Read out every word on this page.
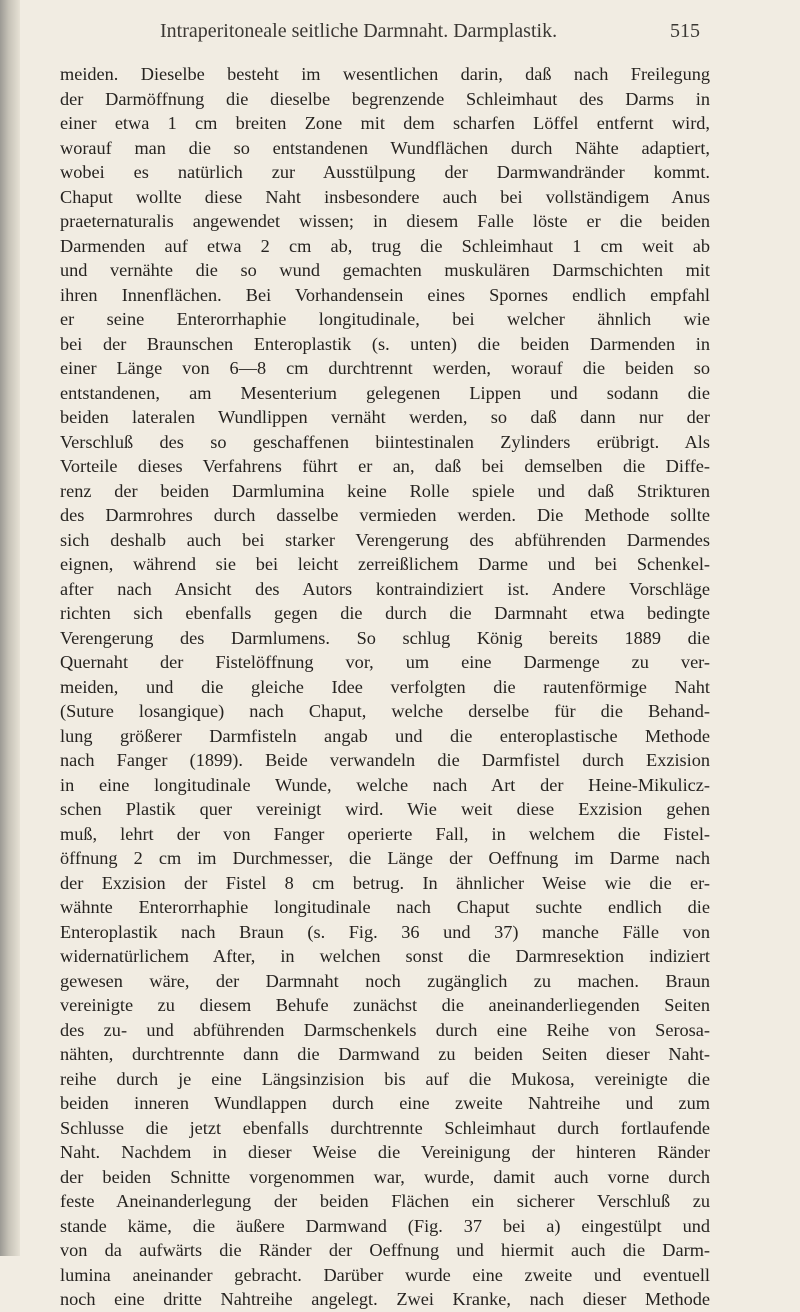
Intraperitoneale seitliche Darmnaht. Darmplastik.	515
meiden. Dieselbe besteht im wesentlichen darin, daß nach Freilegung
der Darmöffnung die dieselbe begrenzende Schleimhaut des Darms in
einer etwa 1 cm breiten Zone mit dem scharfen Löffel entfernt wird,
worauf man die so entstandenen Wundflächen durch Nähte adaptiert,
wobei es natürlich zur Ausstülpung der Darmwandränder kommt.
Chaput wollte diese Naht insbesondere auch bei vollständigem Anus
praeternaturalis angewendet wissen; in diesem Falle löste er die beiden
Darmenden auf etwa 2 cm ab, trug die Schleimhaut 1 cm weit ab
und vernähte die so wund gemachten muskulären Darmschichten mit
ihren Innenflächen. Bei Vorhandensein eines Spornes endlich empfahl
er seine Enterorrhaphie longitudinale, bei welcher ähnlich wie
bei der Braunschen Enteroplastik (s. unten) die beiden Darmenden in
einer Länge von 6—8 cm durchtrennt werden, worauf die beiden so
entstandenen, am Mesenterium gelegenen Lippen und sodann die
beiden lateralen Wundlippen vernäht werden, so daß dann nur der
Verschluß des so geschaffenen biintestinalen Zylinders erübrigt. Als
Vorteile dieses Verfahrens führt er an, daß bei demselben die Diffe-
renz der beiden Darmlumina keine Rolle spiele und daß Strikturen
des Darmrohres durch dasselbe vermieden werden. Die Methode sollte
sich deshalb auch bei starker Verengerung des abführenden Darmendes
eignen, während sie bei leicht zerreißlichem Darme und bei Schenkel-
after nach Ansicht des Autors kontraindiziert ist. Andere Vorschläge
richten sich ebenfalls gegen die durch die Darmnaht etwa bedingte
Verengerung des Darmlumens. So schlug König bereits 1889 die
Quernaht der Fistelöffnung vor, um eine Darmenge zu ver-
meiden, und die gleiche Idee verfolgten die rautenförmige Naht
(Suture losangique) nach Chaput, welche derselbe für die Behand-
lung größerer Darmfisteln angab und die enteroplastische Methode
nach Fanger (1899). Beide verwandeln die Darmfistel durch Exzision
in eine longitudinale Wunde, welche nach Art der Heine-Mikulicz-
schen Plastik quer vereinigt wird. Wie weit diese Exzision gehen
muß, lehrt der von Fanger operierte Fall, in welchem die Fistel-
öffnung 2 cm im Durchmesser, die Länge der Oeffnung im Darme nach
der Exzision der Fistel 8 cm betrug. In ähnlicher Weise wie die er-
wähnte Enterorrhaphie longitudinale nach Chaput suchte endlich die
Enteroplastik nach Braun (s. Fig. 36 und 37) manche Fälle von
widernatürlichem After, in welchen sonst die Darmresektion indiziert
gewesen wäre, der Darmnaht noch zugänglich zu machen. Braun
vereinigte zu diesem Behufe zunächst die aneinanderliegenden Seiten
des zu- und abführenden Darmschenkels durch eine Reihe von Serosa-
nähten, durchtrennte dann die Darmwand zu beiden Seiten dieser Naht-
reihe durch je eine Längsinzision bis auf die Mukosa, vereinigte die
beiden inneren Wundlappen durch eine zweite Nahtreihe und zum
Schlusse die jetzt ebenfalls durchtrennte Schleimhaut durch fortlaufende
Naht. Nachdem in dieser Weise die Vereinigung der hinteren Ränder
der beiden Schnitte vorgenommen war, wurde, damit auch vorne durch
feste Aneinanderlegung der beiden Flächen ein sicherer Verschluß zu
stande käme, die äußere Darmwand (Fig. 37 bei a) eingestülpt und
von da aufwärts die Ränder der Oeffnung und hiermit auch die Darm-
lumina aneinander gebracht. Darüber wurde eine zweite und eventuell
noch eine dritte Nahtreihe angelegt. Zwei Kranke, nach dieser Methode
